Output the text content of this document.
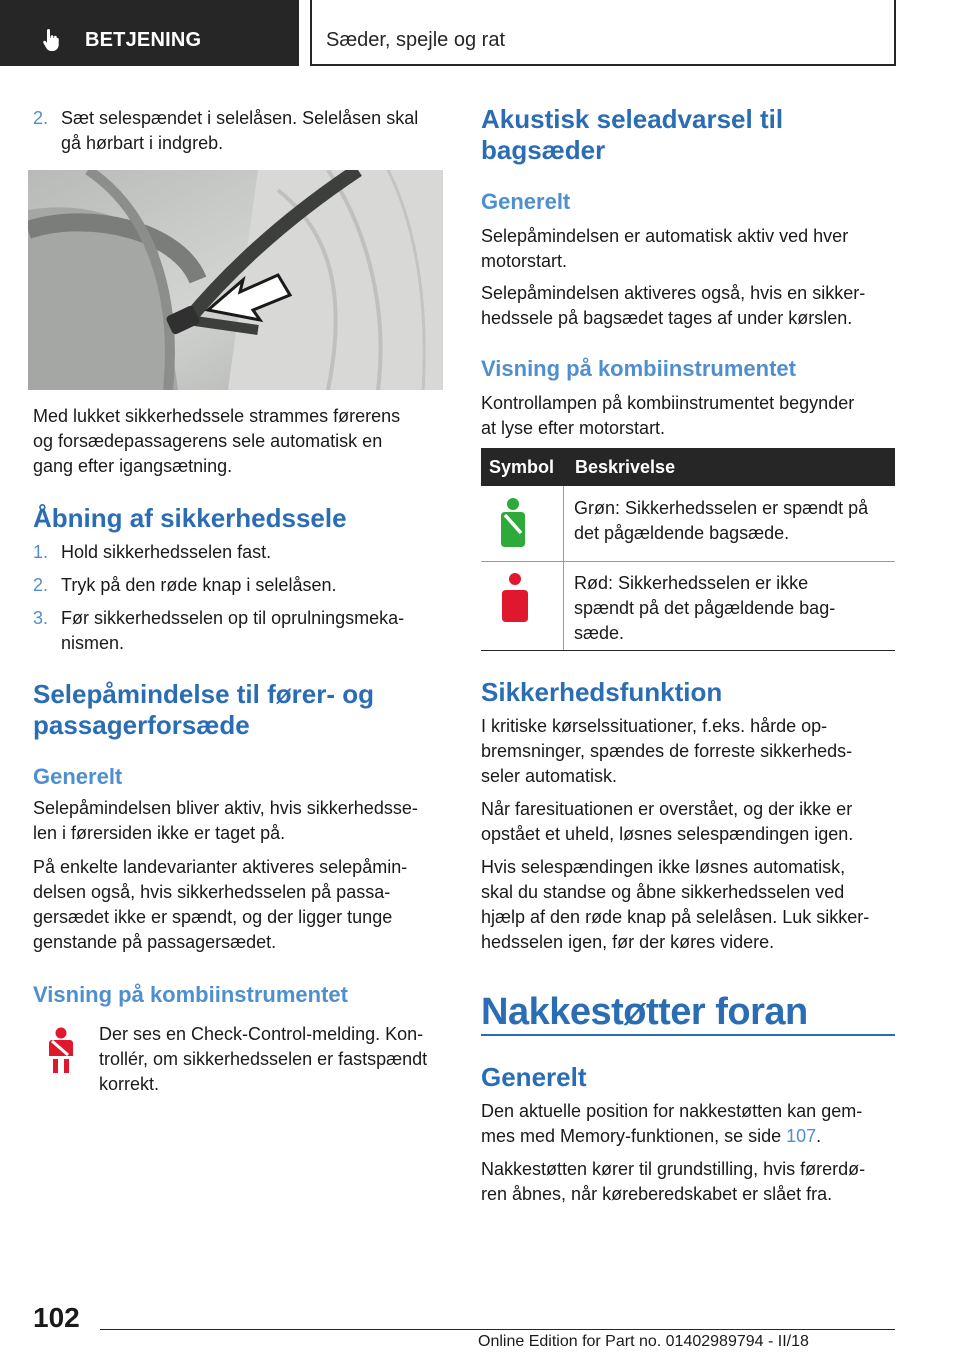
BETJENING	Sæder, spejle og rat
2. Sæt selespændet i selelåsen. Selelåsen skal
gå hørbart i indgreb.
Med lukket sikkerhedssele strammes førerens
og forsædepassagerens sele automatisk en
gang efter igangsætning.
Åbning af sikkerhedssele
1. Hold sikkerhedsselen fast.
2. Tryk på den røde knap i selelåsen.
3. Før sikkerhedsselen op til oprulningsmeka-
nismen.
Selepåmindelse til fører- og
passagerforsæde
Generelt
Selepåmindelsen bliver aktiv, hvis sikkerhedsse-
len i førersiden ikke er taget på.
På enkelte landevarianter aktiveres selepåmin-
delsen også, hvis sikkerhedsselen på passa-
gersædet ikke er spændt, og der ligger tunge
genstande på passagersædet.
Visning på kombiinstrumentet
Der ses en Check-Control-melding. Kon-
trollér, om sikkerhedsselen er fastspændt
korrekt.
Akustisk seleadvarsel til
bagsæder
Generelt
Selepåmindelsen er automatisk aktiv ved hver
motorstart.
Selepåmindelsen aktiveres også, hvis en sikker-
hedssele på bagsædet tages af under kørslen.
Visning på kombiinstrumentet
Kontrollampen på kombiinstrumentet begynder
at lyse efter motorstart.
Symbol Beskrivelse
Grøn: Sikkerhedsselen er spændt på
det pågældende bagsæde.
Rød: Sikkerhedsselen er ikke
spændt på det pågældende bag-
sæde.
Sikkerhedsfunktion
I kritiske kørselssituationer, f.eks. hårde op-
bremsninger, spændes de forreste sikkerheds-
seler automatisk.
Når faresituationen er overstået, og der ikke er
opstået et uheld, løsnes selespændingen igen.
Hvis selespændingen ikke løsnes automatisk,
skal du standse og åbne sikkerhedsselen ved
hjælp af den røde knap på selelåsen. Luk sikker-
hedsselen igen, før der køres videre.
Nakkestøtter foran
Generelt
Den aktuelle position for nakkestøtten kan gem-
mes med Memory-funktionen, se side 107.
Nakkestøtten kører til grundstilling, hvis førerdø-
ren åbnes, når køreberedskabet er slået fra.
102
Online Edition for Part no. 01402989794 - II/18
